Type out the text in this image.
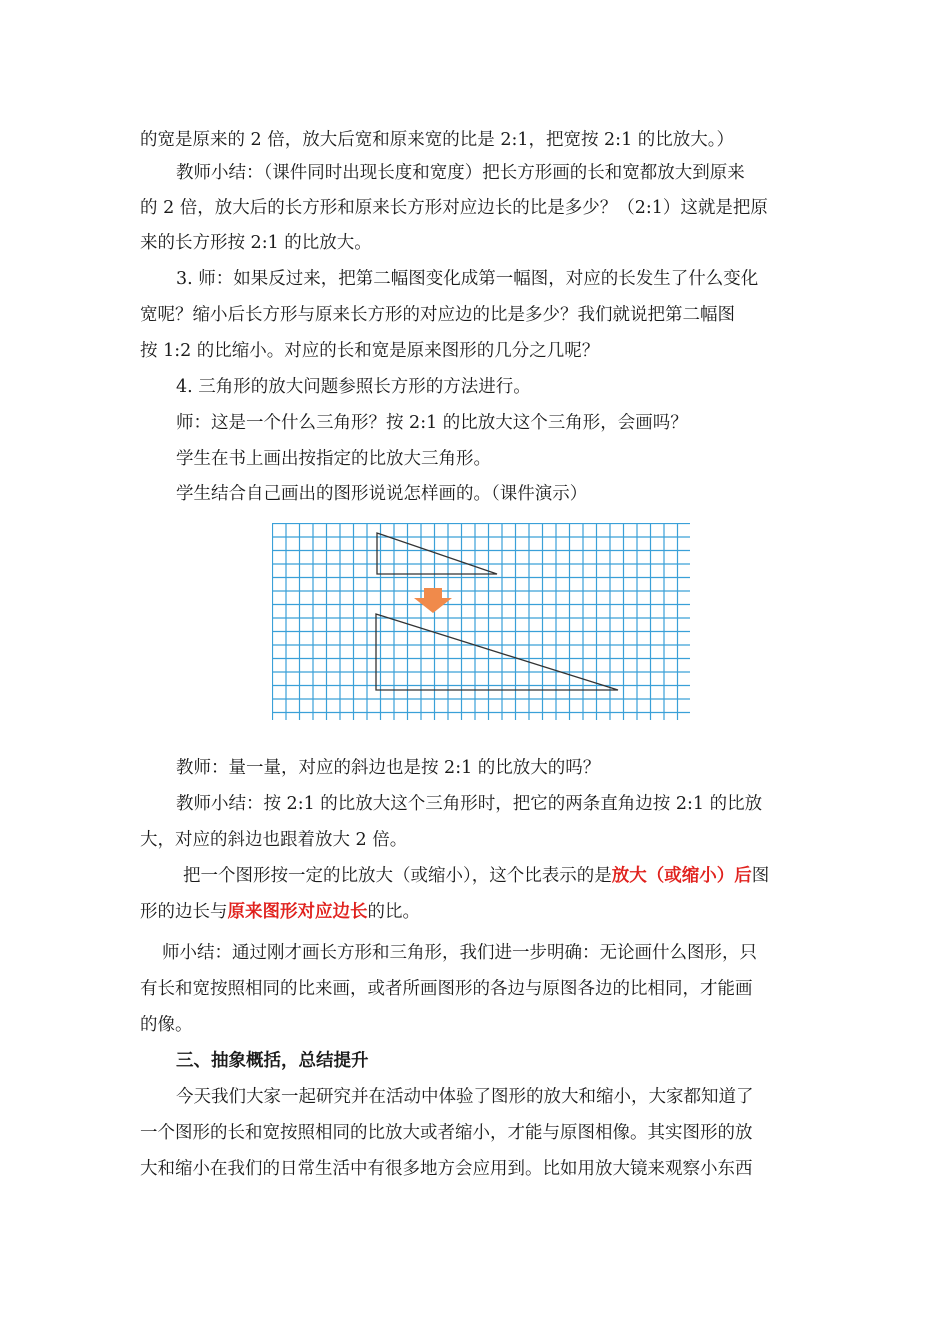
的宽是原来的 2 倍，放大后宽和原来宽的比是 2:1，把宽按 2:1 的比放大。）
教师小结：（课件同时出现长度和宽度）把长方形画的长和宽都放大到原来
的 2 倍，放大后的长方形和原来长方形对应边长的比是多少？（2:1）这就是把原
来的长方形按 2:1 的比放大。
3. 师：如果反过来，把第二幅图变化成第一幅图，对应的长发生了什么变化
宽呢？缩小后长方形与原来长方形的对应边的比是多少？我们就说把第二幅图
按 1:2 的比缩小。对应的长和宽是原来图形的几分之几呢？
4. 三角形的放大问题参照长方形的方法进行。
师：这是一个什么三角形？按 2:1 的比放大这个三角形，会画吗？
学生在书上画出按指定的比放大三角形。
学生结合自己画出的图形说说怎样画的。（课件演示）
教师：量一量，对应的斜边也是按 2:1 的比放大的吗？
教师小结：按 2:1 的比放大这个三角形时，把它的两条直角边按 2:1 的比放
大，对应的斜边也跟着放大 2 倍。
把一个图形按一定的比放大（或缩小），这个比表示的是放大（或缩小）后图
形的边长与原来图形对应边长的比。
师小结：通过刚才画长方形和三角形，我们进一步明确：无论画什么图形，只
有长和宽按照相同的比来画，或者所画图形的各边与原图各边的比相同，才能画
的像。
三、抽象概括，总结提升
今天我们大家一起研究并在活动中体验了图形的放大和缩小，大家都知道了
一个图形的长和宽按照相同的比放大或者缩小，才能与原图相像。其实图形的放
大和缩小在我们的日常生活中有很多地方会应用到。比如用放大镜来观察小东西
